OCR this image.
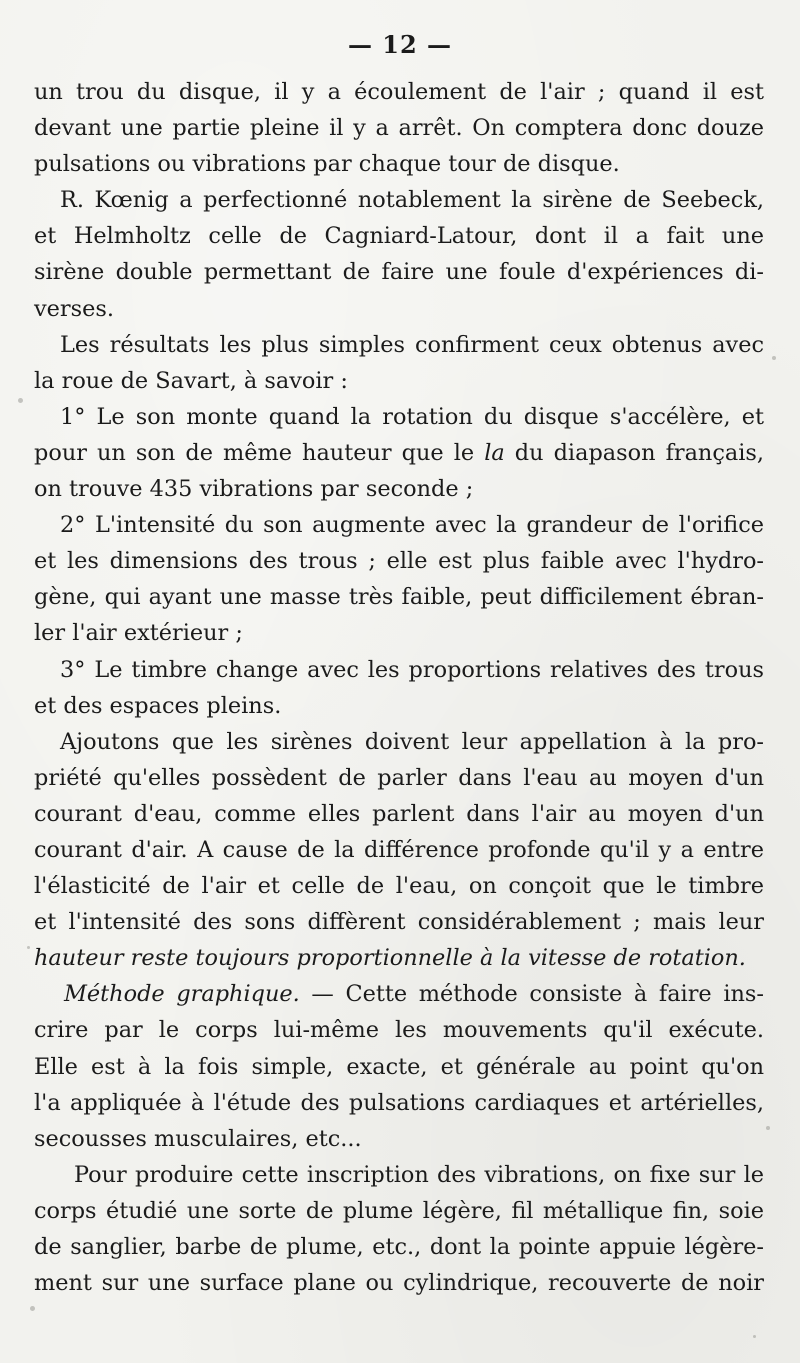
— 12 —
un trou du disque, il y a écoulement de l'air ; quand il est
devant une partie pleine il y a arrêt. On comptera donc douze
pulsations ou vibrations par chaque tour de disque.
R. Kœnig a perfectionné notablement la sirène de Seebeck,
et Helmholtz celle de Cagniard-Latour, dont il a fait une
sirène double permettant de faire une foule d'expériences di-
verses.
Les résultats les plus simples confirment ceux obtenus avec
la roue de Savart, à savoir :
1° Le son monte quand la rotation du disque s'accélère, et
pour un son de même hauteur que le la du diapason français,
on trouve 435 vibrations par seconde ;
2° L'intensité du son augmente avec la grandeur de l'orifice
et les dimensions des trous ; elle est plus faible avec l'hydro-
gène, qui ayant une masse très faible, peut difficilement ébran-
ler l'air extérieur ;
3° Le timbre change avec les proportions relatives des trous
et des espaces pleins.
Ajoutons que les sirènes doivent leur appellation à la pro-
priété qu'elles possèdent de parler dans l'eau au moyen d'un
courant d'eau, comme elles parlent dans l'air au moyen d'un
courant d'air. A cause de la différence profonde qu'il y a entre
l'élasticité de l'air et celle de l'eau, on conçoit que le timbre
et l'intensité des sons diffèrent considérablement ; mais leur
hauteur reste toujours proportionnelle à la vitesse de rotation.
Méthode graphique. — Cette méthode consiste à faire ins-
crire par le corps lui-même les mouvements qu'il exécute.
Elle est à la fois simple, exacte, et générale au point qu'on
l'a appliquée à l'étude des pulsations cardiaques et artérielles,
secousses musculaires, etc...
Pour produire cette inscription des vibrations, on fixe sur le
corps étudié une sorte de plume légère, fil métallique fin, soie
de sanglier, barbe de plume, etc., dont la pointe appuie légère-
ment sur une surface plane ou cylindrique, recouverte de noir
